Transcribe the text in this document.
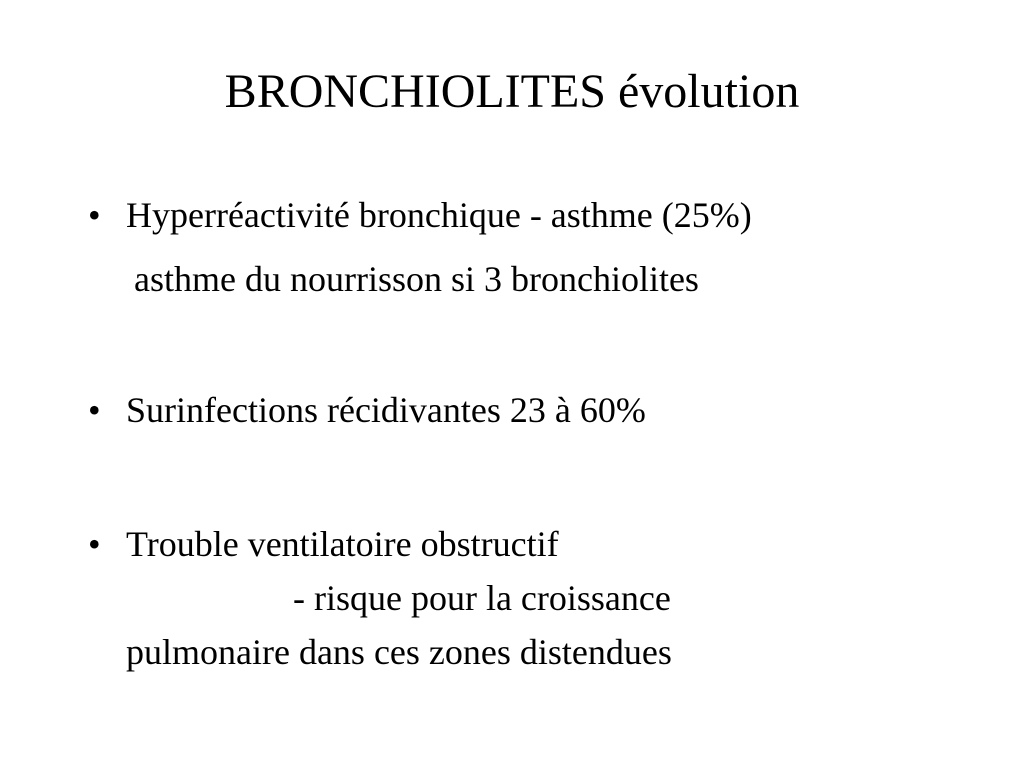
BRONCHIOLITES évolution
• Hyperréactivité bronchique - asthme (25%)
asthme du nourrisson si 3 bronchiolites
• Surinfections récidivantes 23 à 60%
• Trouble ventilatoire obstructif
- risque pour la croissance
pulmonaire dans ces zones distendues
